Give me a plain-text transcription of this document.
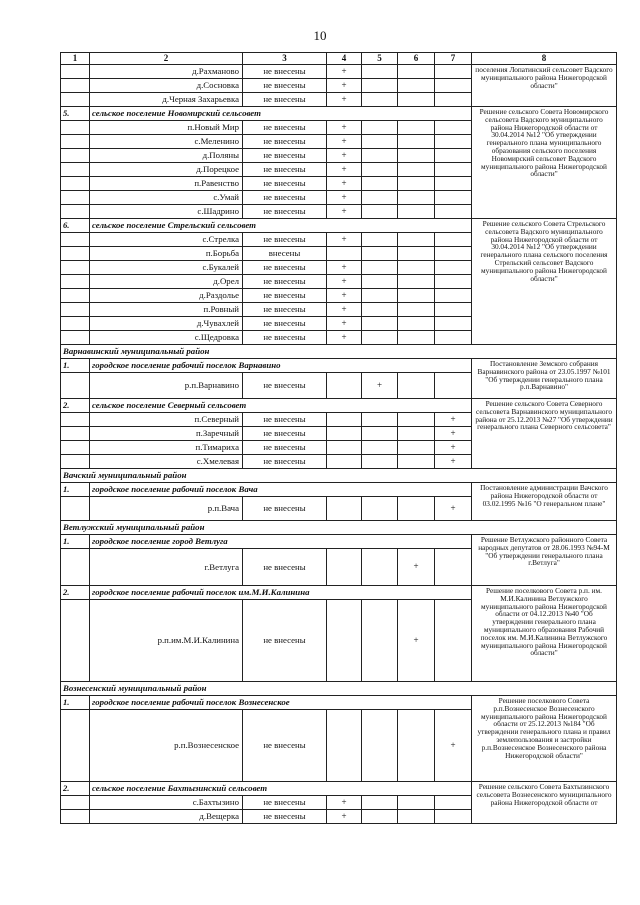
10
1	2	3	4	5	6	7	8
	д.Рахманово	не внесены	+				поселения Лопатинский сельсовет Вадского муниципального района Нижегородской области"
	д.Сосновка	не внесены	+				
	д.Черная Захарьевка	не внесены	+				
5.	сельское поселение Новомирский сельсовет						Решение сельского Совета Новомирского сельсовета Вадского муниципального района Нижегородской области от 30.04.2014 №12 "Об утверждении генерального плана муниципального образования сельского поселения Новомирский сельсовет Вадского муниципального района Нижегородской области"
	п.Новый Мир	не внесены	+				
	с.Меленино	не внесены	+				
	д.Поляны	не внесены	+				
	д.Порецкое	не внесены	+				
	п.Равенство	не внесены	+				
	с.Умай	не внесены	+				
	с.Шадрино	не внесены	+				
6.	сельское поселение Стрельский сельсовет						Решение сельского Совета Стрельского сельсовета Вадского муниципального района Нижегородской области от 30.04.2014 №12 "Об утверждении генерального плана сельского поселения Стрельский сельсовет Вадского муниципального района Нижегородской области"
	с.Стрелка	не внесены	+				
	п.Борьба	внесены					
	с.Букалей	не внесены	+				
	д.Орел	не внесены	+				
	д.Раздолье	не внесены	+				
	п.Ровный	не внесены	+				
	д.Чувахлей	не внесены	+				
	с.Щедровка	не внесены	+				
Варнавинский муниципальный район							
1.	городское поселение рабочий поселок Варнавино						Постановление Земского собрания Варнавинского района от 23.05.1997 №101 "Об утверждении генерального плана р.п.Варнавино"
	р.п.Варнавино	не внесены		+			
2.	сельское поселение Северный сельсовет						Решение сельского Совета Северного сельсовета Варнавинского муниципального района от 25.12.2013 №27 "Об утверждении генерального плана Северного сельсовета"
	п.Северный	не внесены				+	
	п.Заречный	не внесены				+	
	п.Тимариха	не внесены				+	
	с.Хмелевая	не внесены				+	
Вачский муниципальный район							
1.	городское поселение рабочий поселок Вача						Постановление администрации Вачского района Нижегородской области от 03.02.1995 №16 "О генеральном плане"
	р.п.Вача	не внесены				+	
Ветлужский муниципальный район							
1.	городское поселение город Ветлуга						Решение Ветлужского районного Совета народных депутатов от 28.06.1993 №94-М "Об утверждении генерального плана г.Ветлуга"
	г.Ветлуга	не внесены			+		
2.	городское поселение рабочий поселок им.М.И.Калинина						Решение поселкового Совета р.п. им. М.И.Калинина Ветлужского муниципального района Нижегородской области от 04.12.2013 №40 "Об утверждении генерального плана муниципального образования Рабочий поселок им. М.И.Калинина Ветлужского муниципального района Нижегородской области"
	р.п.им.М.И.Калинина	не внесены			+		
Вознесенский муниципальный район							
1.	городское поселение рабочий поселок Вознесенское						Решение поселкового Совета р.п.Вознесенское Вознесенского муниципального района Нижегородской области от 25.12.2013 №184 "Об утверждении генерального плана и правил землепользования и застройки р.п.Вознесенское Вознесенского района Нижегородской области"
	р.п.Вознесенское	не внесены				+	
2.	сельское поселение Бахтызинский сельсовет						Решение сельского Совета Бахтызинского сельсовета Вознесенского муниципального района Нижегородской области от
	с.Бахтызино	не внесены	+				
	д.Вещерка	не внесены	+				
